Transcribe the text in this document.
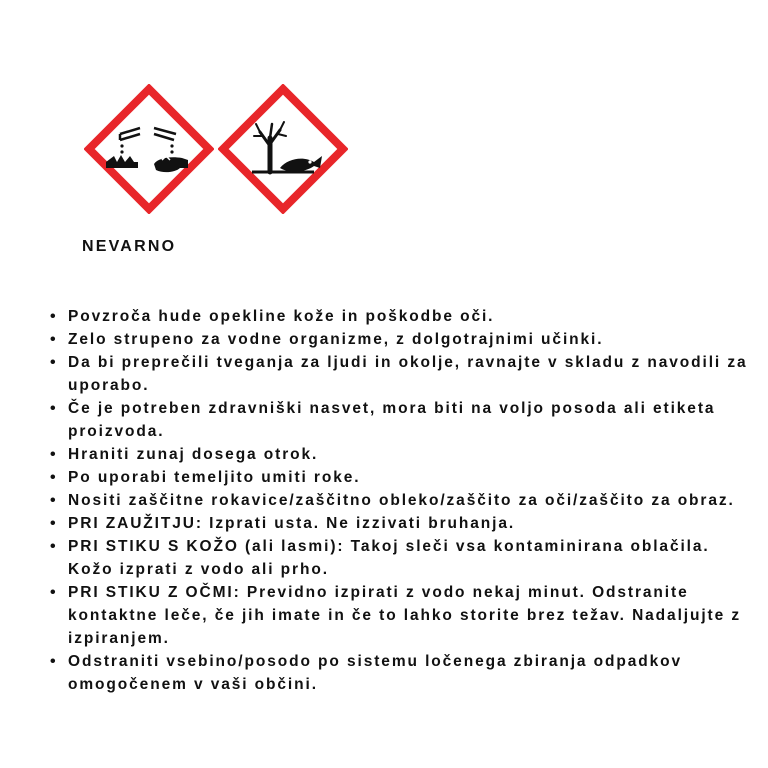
NEVARNO
• Povzroča hude opekline kože in poškodbe oči.
• Zelo strupeno za vodne organizme, z dolgotrajnimi učinki.
• Da bi preprečili tveganja za ljudi in okolje, ravnajte v skladu z navodili za uporabo.
• Če je potreben zdravniški nasvet, mora biti na voljo posoda ali etiketa proizvoda.
• Hraniti zunaj dosega otrok.
• Po uporabi temeljito umiti roke.
• Nositi zaščitne rokavice/zaščitno obleko/zaščito za oči/zaščito za obraz.
• PRI ZAUŽITJU: Izprati usta. Ne izzivati bruhanja.
• PRI STIKU S KOŽO (ali lasmi): Takoj sleči vsa kontaminirana oblačila. Kožo izprati z vodo ali prho.
• PRI STIKU Z OČMI: Previdno izpirati z vodo nekaj minut. Odstranite kontaktne leče, če jih imate in če to lahko storite brez težav. Nadaljujte z izpiranjem.
• Odstraniti vsebino/posodo po sistemu ločenega zbiranja odpadkov omogočenem v vaši občini.
